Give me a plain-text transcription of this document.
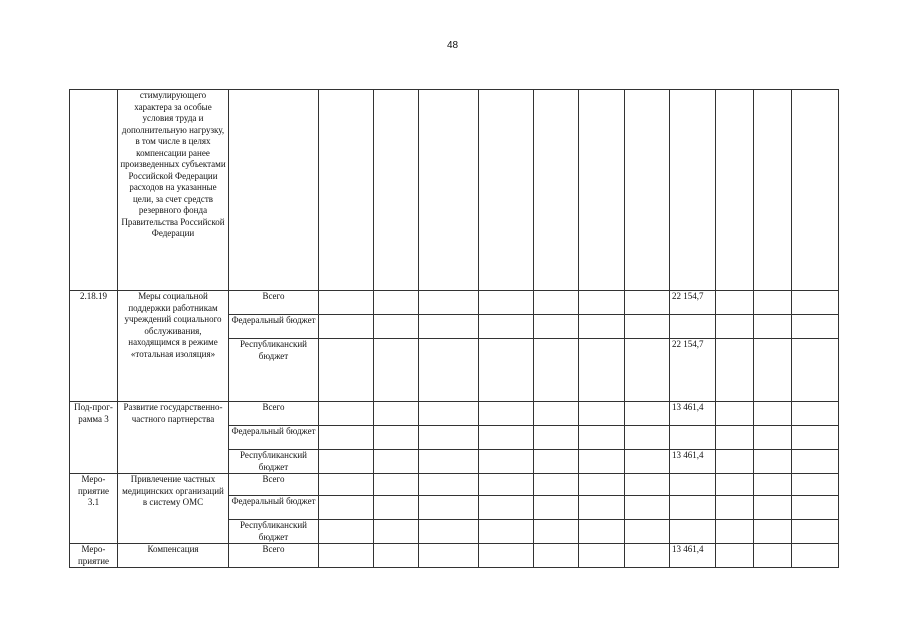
48
	стимулирующего характера за особые условия труда и дополнительную нагрузку, в том числе в целях компенсации ранее произведенных субъектами Российской Федерации расходов на указанные цели, за счет средств резервного фонда Правительства Российской Федерации												
2.18.19	Меры социальной поддержки работникам учреждений социального обслуживания, находящимся в режиме «тотальная изоляция»	Всего								22 154,7			
		Федеральный бюджет											
		Республиканский бюджет								22 154,7			
Под-прог-рамма 3	Развитие государственно-частного партнерства	Всего								13 461,4			
		Федеральный бюджет											
		Республиканский бюджет								13 461,4			
Меро-приятие 3.1	Привлечение частных медицинских организаций в систему ОМС	Всего											
		Федеральный бюджет											
		Республиканский бюджет											
Меро-приятие	Компенсация	Всего								13 461,4			
